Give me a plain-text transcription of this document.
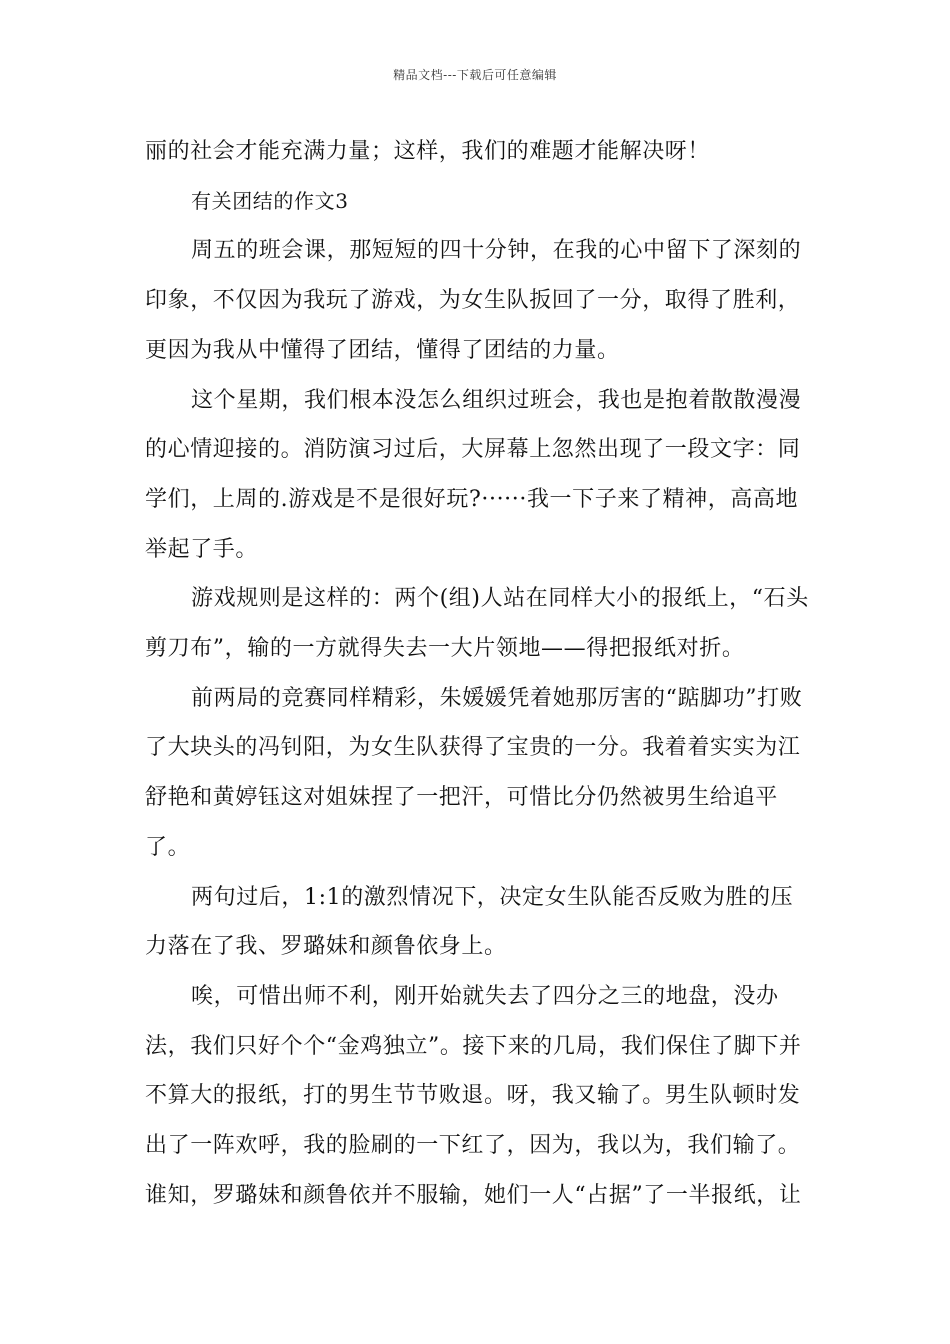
精品文档---下载后可任意编辑

丽的社会才能充满力量；这样，我们的难题才能解决呀！

有关团结的作文3

周五的班会课，那短短的四十分钟，在我的心中留下了深刻的印象，不仅因为我玩了游戏，为女生队扳回了一分，取得了胜利，更因为我从中懂得了团结，懂得了团结的力量。

这个星期，我们根本没怎么组织过班会，我也是抱着散散漫漫的心情迎接的。消防演习过后，大屏幕上忽然出现了一段文字：同学们，上周的.游戏是不是很好玩?······我一下子来了精神，高高地举起了手。

游戏规则是这样的：两个(组)人站在同样大小的报纸上，“石头剪刀布”，输的一方就得失去一大片领地——得把报纸对折。

前两局的竞赛同样精彩，朱媛媛凭着她那厉害的“踮脚功”打败了大块头的冯钊阳，为女生队获得了宝贵的一分。我着着实实为江舒艳和黄婷钰这对姐妹捏了一把汗，可惜比分仍然被男生给追平了。

两句过后，1:1的激烈情况下，决定女生队能否反败为胜的压力落在了我、罗璐妹和颜鲁依身上。

唉，可惜出师不利，刚开始就失去了四分之三的地盘，没办法，我们只好个个“金鸡独立”。接下来的几局，我们保住了脚下并不算大的报纸，打的男生节节败退。呀，我又输了。男生队顿时发出了一阵欢呼，我的脸刷的一下红了，因为，我以为，我们输了。谁知，罗璐妹和颜鲁依并不服输，她们一人“占据”了一半报纸，让
